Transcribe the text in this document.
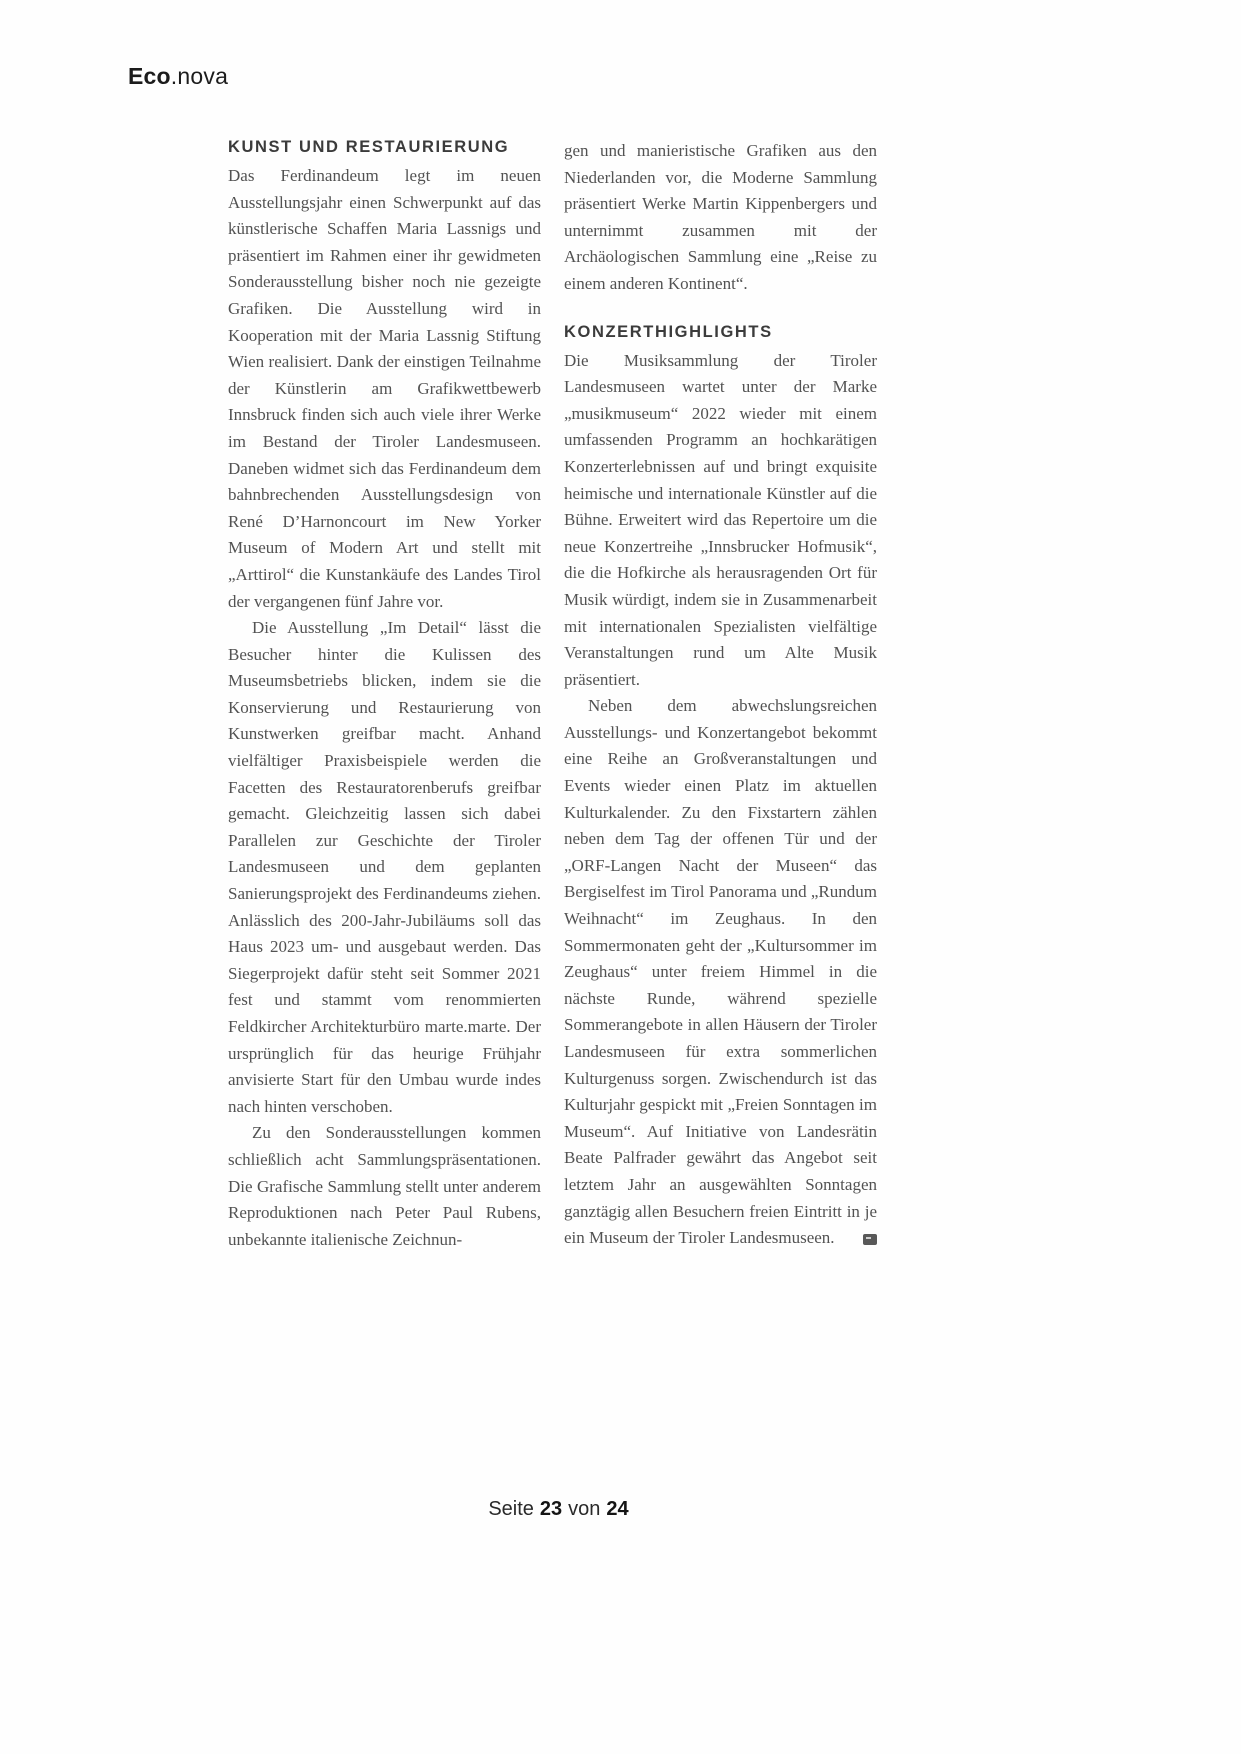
Eco.nova
KUNST UND RESTAURIERUNG

Das Ferdinandeum legt im neuen Ausstellungsjahr einen Schwerpunkt auf das künstlerische Schaffen Maria Lassnigs und präsentiert im Rahmen einer ihr gewidmeten Sonderausstellung bisher noch nie gezeigte Grafiken. Die Ausstellung wird in Kooperation mit der Maria Lassnig Stiftung Wien realisiert. Dank der einstigen Teilnahme der Künstlerin am Grafikwettbewerb Innsbruck finden sich auch viele ihrer Werke im Bestand der Tiroler Landesmuseen. Daneben widmet sich das Ferdinandeum dem bahnbrechenden Ausstellungsdesign von René D’Harnoncourt im New Yorker Museum of Modern Art und stellt mit „Arttirol“ die Kunstankäufe des Landes Tirol der vergangenen fünf Jahre vor.

Die Ausstellung „Im Detail“ lässt die Besucher hinter die Kulissen des Museumsbetriebs blicken, indem sie die Konservierung und Restaurierung von Kunstwerken greifbar macht. Anhand vielfältiger Praxisbeispiele werden die Facetten des Restauratorenberufs greifbar gemacht. Gleichzeitig lassen sich dabei Parallelen zur Geschichte der Tiroler Landesmuseen und dem geplanten Sanierungsprojekt des Ferdinandeums ziehen. Anlässlich des 200-Jahr-Jubiläums soll das Haus 2023 um- und ausgebaut werden. Das Siegerprojekt dafür steht seit Sommer 2021 fest und stammt vom renommierten Feldkircher Architekturbüro marte.marte. Der ursprünglich für das heurige Frühjahr anvisierte Start für den Umbau wurde indes nach hinten verschoben.

Zu den Sonderausstellungen kommen schließlich acht Sammlungspräsentationen. Die Grafische Sammlung stellt unter anderem Reproduktionen nach Peter Paul Rubens, unbekannte italienische Zeichnun-

gen und manieristische Grafiken aus den Niederlanden vor, die Moderne Sammlung präsentiert Werke Martin Kippenbergers und unternimmt zusammen mit der Archäologischen Sammlung eine „Reise zu einem anderen Kontinent“.

KONZERTHIGHLIGHTS

Die Musiksammlung der Tiroler Landesmuseen wartet unter der Marke „musikmuseum“ 2022 wieder mit einem umfassenden Programm an hochkarätigen Konzerterlebnissen auf und bringt exquisite heimische und internationale Künstler auf die Bühne. Erweitert wird das Repertoire um die neue Konzertreihe „Innsbrucker Hofmusik“, die die Hofkirche als herausragenden Ort für Musik würdigt, indem sie in Zusammenarbeit mit internationalen Spezialisten vielfältige Veranstaltungen rund um Alte Musik präsentiert.

Neben dem abwechslungsreichen Ausstellungs- und Konzertangebot bekommt eine Reihe an Großveranstaltungen und Events wieder einen Platz im aktuellen Kulturkalender. Zu den Fixstartern zählen neben dem Tag der offenen Tür und der „ORF-Langen Nacht der Museen“ das Bergiselfest im Tirol Panorama und „Rundum Weihnacht“ im Zeughaus. In den Sommermonaten geht der „Kultursommer im Zeughaus“ unter freiem Himmel in die nächste Runde, während spezielle Sommerangebote in allen Häusern der Tiroler Landesmuseen für extra sommerlichen Kulturgenuss sorgen. Zwischendurch ist das Kulturjahr gespickt mit „Freien Sonntagen im Museum“. Auf Initiative von Landesrätin Beate Palfrader gewährt das Angebot seit letztem Jahr an ausgewählten Sonntagen ganztägig allen Besuchern freien Eintritt in je ein Museum der Tiroler Landesmuseen.

Seite 23 von 24
